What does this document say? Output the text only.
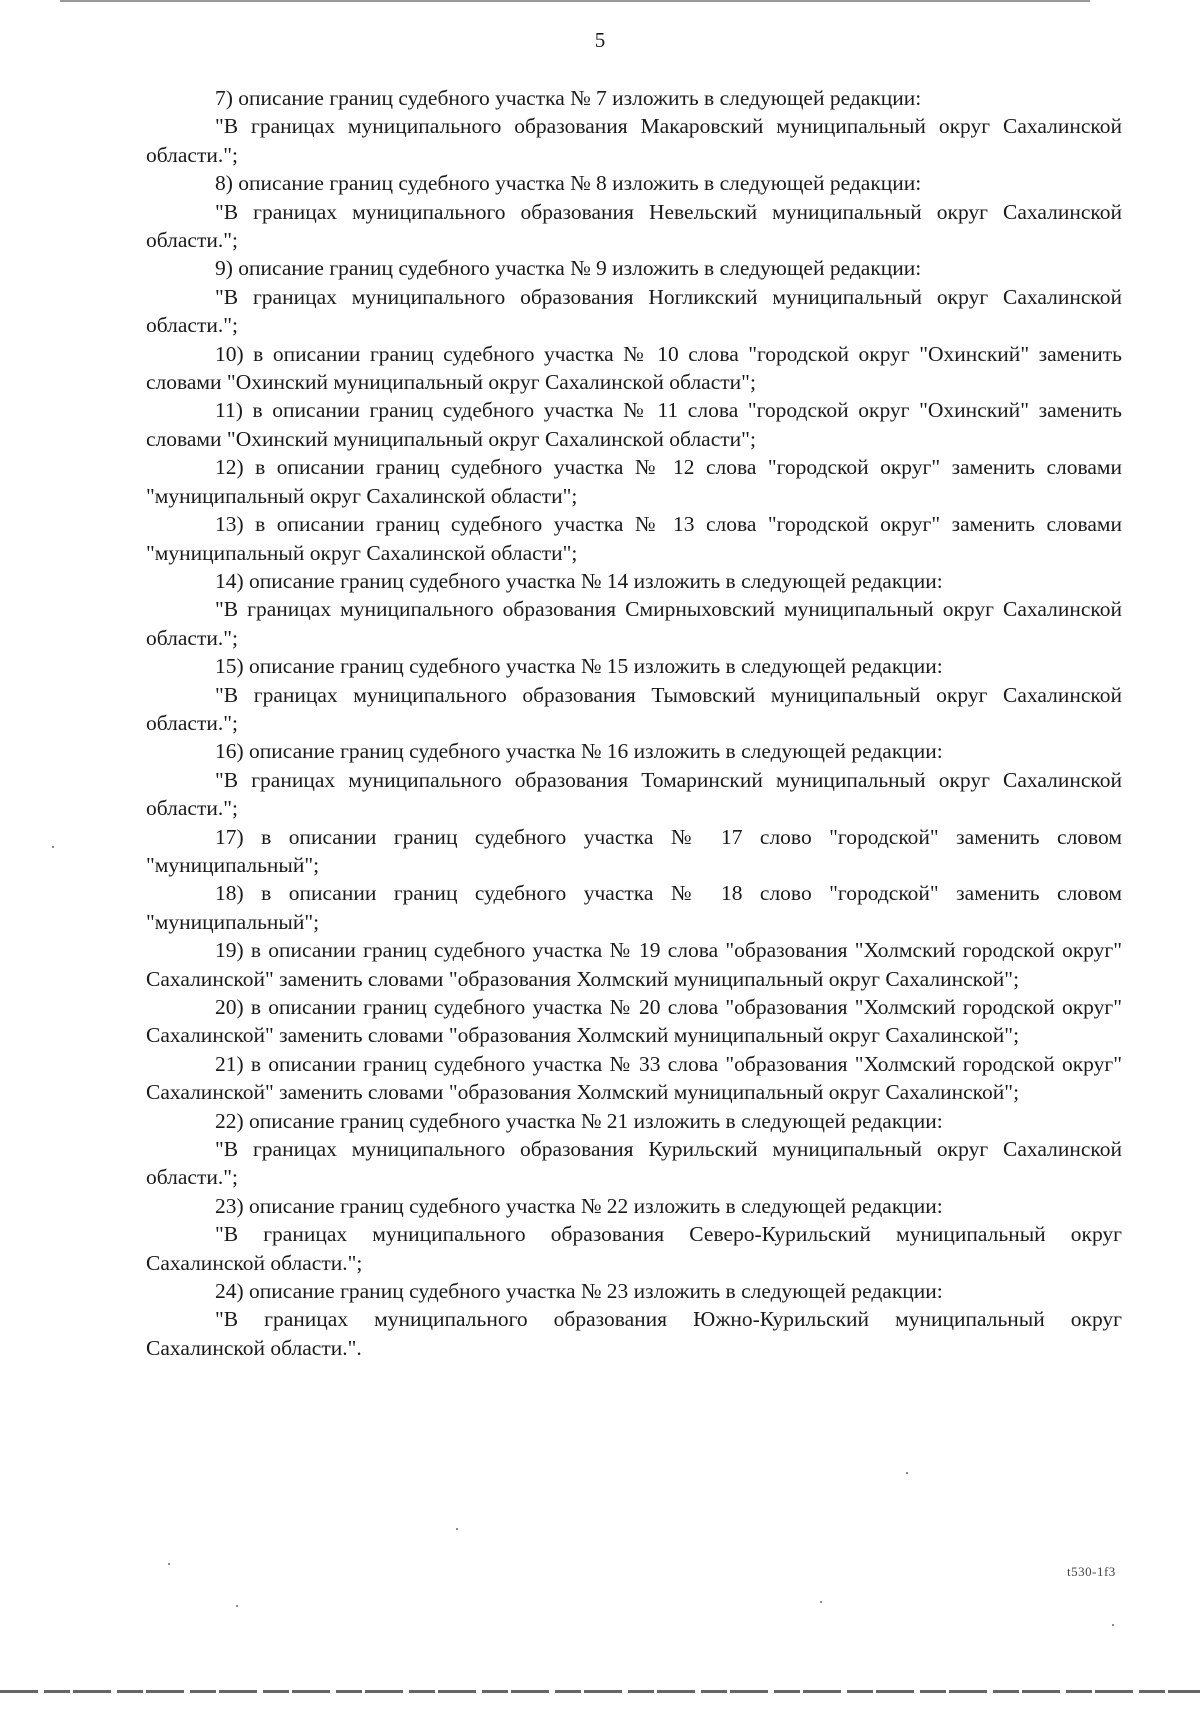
5

7) описание границ судебного участка № 7 изложить в следующей редакции:

"В границах муниципального образования Макаровский муниципальный округ Сахалинской области.";

8) описание границ судебного участка № 8 изложить в следующей редакции:

"В границах муниципального образования Невельский муниципальный округ Сахалинской области.";

9) описание границ судебного участка № 9 изложить в следующей редакции:

"В границах муниципального образования Ногликский муниципальный округ Сахалинской области.";

10) в описании границ судебного участка № 10 слова "городской округ "Охинский" заменить словами "Охинский муниципальный округ Сахалинской области";

11) в описании границ судебного участка № 11 слова "городской округ "Охинский" заменить словами "Охинский муниципальный округ Сахалинской области";

12) в описании границ судебного участка № 12 слова "городской округ" заменить словами "муниципальный округ Сахалинской области";

13) в описании границ судебного участка № 13 слова "городской округ" заменить словами "муниципальный округ Сахалинской области";

14) описание границ судебного участка № 14 изложить в следующей редакции:

"В границах муниципального образования Смирныховский муниципальный округ Сахалинской области.";

15) описание границ судебного участка № 15 изложить в следующей редакции:

"В границах муниципального образования Тымовский муниципальный округ Сахалинской области.";

16) описание границ судебного участка № 16 изложить в следующей редакции:

"В границах муниципального образования Томаринский муниципальный округ Сахалинской области.";

17) в описании границ судебного участка № 17 слово "городской" заменить словом "муниципальный";

18) в описании границ судебного участка № 18 слово "городской" заменить словом "муниципальный";

19) в описании границ судебного участка № 19 слова "образования "Холмский городской округ" Сахалинской" заменить словами "образования Холмский муниципальный округ Сахалинской";

20) в описании границ судебного участка № 20 слова "образования "Холмский городской округ" Сахалинской" заменить словами "образования Холмский муниципальный округ Сахалинской";

21) в описании границ судебного участка № 33 слова "образования "Холмский городской округ" Сахалинской" заменить словами "образования Холмский муниципальный округ Сахалинской";

22) описание границ судебного участка № 21 изложить в следующей редакции:

"В границах муниципального образования Курильский муниципальный округ Сахалинской области.";

23) описание границ судебного участка № 22 изложить в следующей редакции:

"В границах муниципального образования Северо-Курильский муниципальный округ Сахалинской области.";

24) описание границ судебного участка № 23 изложить в следующей редакции:

"В границах муниципального образования Южно-Курильский муниципальный округ Сахалинской области.".

t530-1f3
